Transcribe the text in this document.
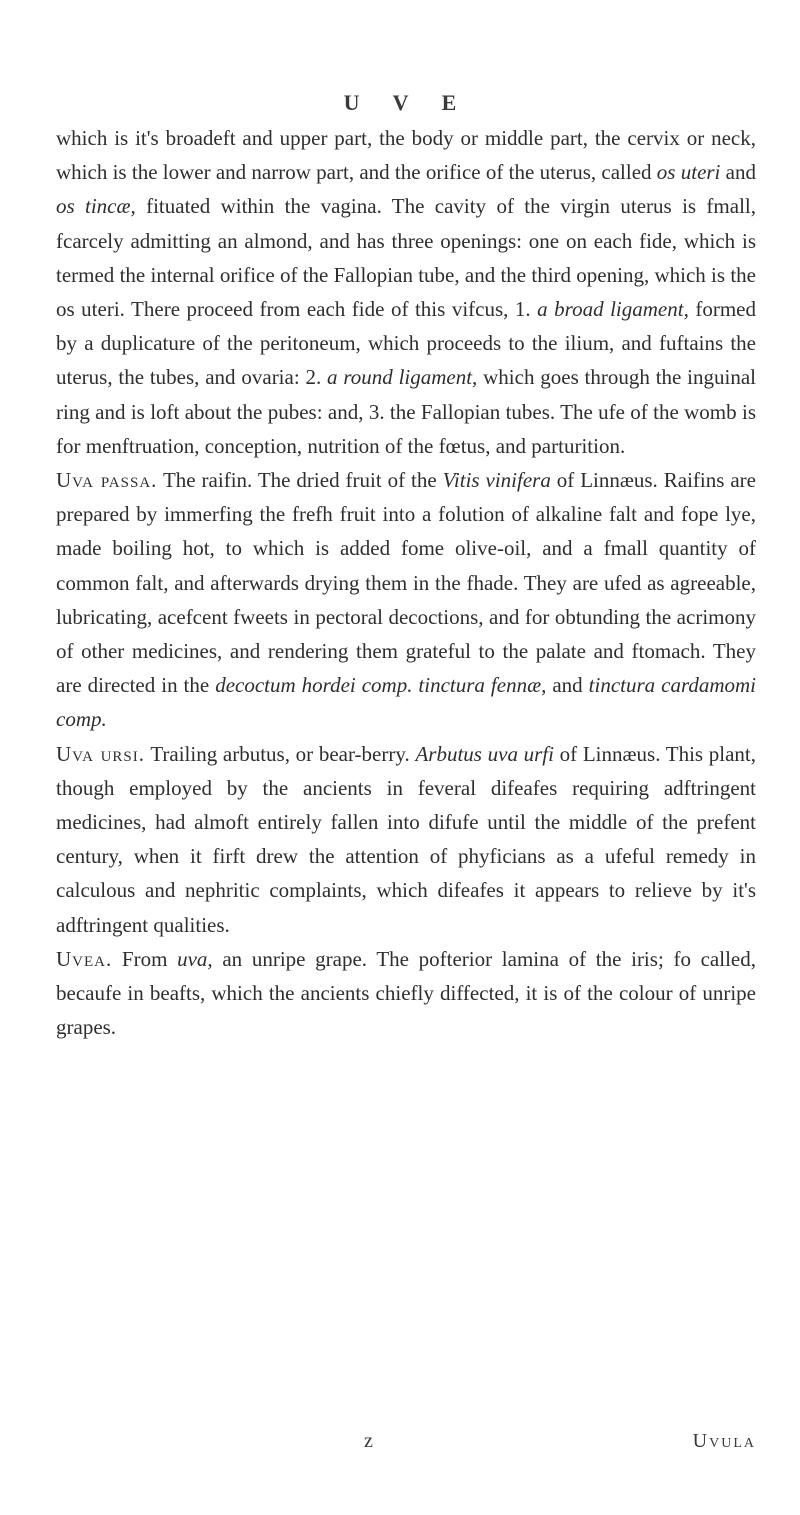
U V E

which is it's broadeft and upper part, the body or middle part, the cervix or neck, which is the lower and narrow part, and the orifice of the uterus, called os uteri and os tincæ, fituated within the vagina. The cavity of the virgin uterus is fmall, fcarcely admitting an almond, and has three openings: one on each fide, which is termed the internal orifice of the Fallopian tube, and the third opening, which is the os uteri. There proceed from each fide of this vifcus, 1. a broad ligament, formed by a duplicature of the peritoneum, which proceeds to the ilium, and fuftains the uterus, the tubes, and ovaria: 2. a round ligament, which goes through the inguinal ring and is loft about the pubes: and, 3. the Fallopian tubes. The ufe of the womb is for menftruation, conception, nutrition of the fœtus, and parturition.

Uva passa. The raifin. The dried fruit of the Vitis vinifera of Linnæus. Raifins are prepared by immerfing the frefh fruit into a folution of alkaline falt and fope lye, made boiling hot, to which is added fome olive-oil, and a fmall quantity of common falt, and afterwards drying them in the fhade. They are ufed as agreeable, lubricating, acefcent fweets in pectoral decoctions, and for obtunding the acrimony of other medicines, and rendering them grateful to the palate and ftomach. They are directed in the decoctum hordei comp. tinctura fennæ, and tinctura cardamomi comp.

Uva ursi. Trailing arbutus, or bear-berry. Arbutus uva urfi of Linnæus. This plant, though employed by the ancients in feveral difeafes requiring adftringent medicines, had almoft entirely fallen into difufe until the middle of the prefent century, when it firft drew the attention of phyficians as a ufeful remedy in calculous and nephritic complaints, which difeafes it appears to relieve by it's adftringent qualities.

Uvea. From uva, an unripe grape. The pofterior lamina of the iris; fo called, becaufe in beafts, which the ancients chiefly diffected, it is of the colour of unripe grapes.

z	Uvula
